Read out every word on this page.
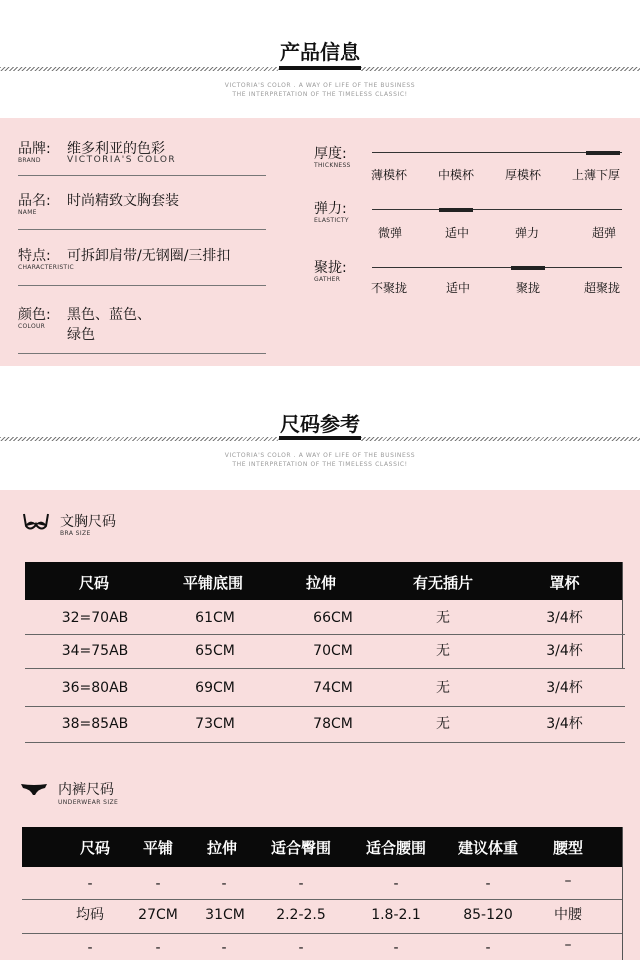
产品信息
VICTORIA'S COLOR . A WAY OF LIFE OF THE BUSINESS
THE INTERPRETATION OF THE TIMELESS CLASSIC!
品牌:
BRAND
维多利亚的色彩
VICTORIA'S COLOR
品名:
NAME
时尚精致文胸套装
特点:
CHARACTERISTIC
可拆卸肩带/无钢圈/三排扣
颜色:
COLOUR
黑色、蓝色、
绿色
厚度:
THICKNESS
薄模杯	中模杯	厚模杯	上薄下厚
弹力:
ELASTICTY
微弹	适中	弹力	超弹
聚拢:
GATHER
不聚拢	适中	聚拢	超聚拢
尺码参考
VICTORIA'S COLOR . A WAY OF LIFE OF THE BUSINESS
THE INTERPRETATION OF THE TIMELESS CLASSIC!
文胸尺码
BRA SIZE
尺码	平铺底围	拉伸	有无插片	罩杯
32=70AB	61CM	66CM	无	3/4杯
34=75AB	65CM	70CM	无	3/4杯
36=80AB	69CM	74CM	无	3/4杯
38=85AB	73CM	78CM	无	3/4杯
内裤尺码
UNDERWEAR SIZE
尺码	平铺	拉伸	适合臀围	适合腰围	建议体重	腰型
-	-	-	-	-	-	–
均码	27CM	31CM	2.2-2.5	1.8-2.1	85-120	中腰
-	-	-	-	-	-	–
